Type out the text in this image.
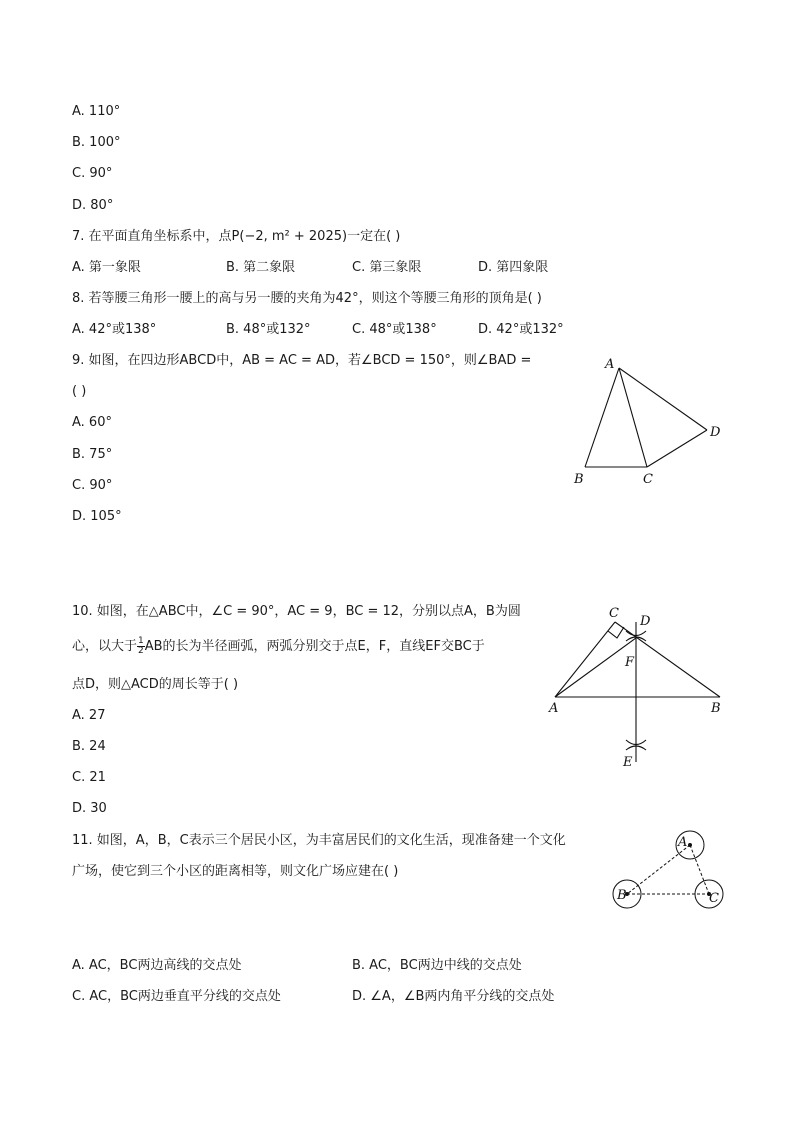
A. 110°
B. 100°
C. 90°
D. 80°
7. 在平面直角坐标系中，点P(−2, m² + 2025)一定在( )
A. 第一象限	B. 第二象限	C. 第三象限	D. 第四象限
8. 若等腰三角形一腰上的高与另一腰的夹角为42°，则这个等腰三角形的顶角是( )
A. 42°或138°	B. 48°或132°	C. 48°或138°	D. 42°或132°
9. 如图，在四边形ABCD中，AB = AC = AD，若∠BCD = 150°，则∠BAD =
( )
A. 60°
B. 75°
C. 90°
D. 105°
A
B	C
D
10. 如图，在△ABC中，∠C = 90°，AC = 9，BC = 12，分别以点A，B为圆
心，以大于 $\frac{1}{2}$ AB的长为半径画弧，两弧分别交于点E，F，直线EF交BC于
点D，则△ACD的周长等于( )
A. 27
B. 24
C. 21
D. 30
C
D
F
A	B
E
11. 如图，A，B，C表示三个居民小区，为丰富居民们的文化生活，现准备建一个文化
广场，使它到三个小区的距离相等，则文化广场应建在( )
A
B	C
A. AC，BC两边高线的交点处	B. AC，BC两边中线的交点处
C. AC，BC两边垂直平分线的交点处	D. ∠A，∠B两内角平分线的交点处
